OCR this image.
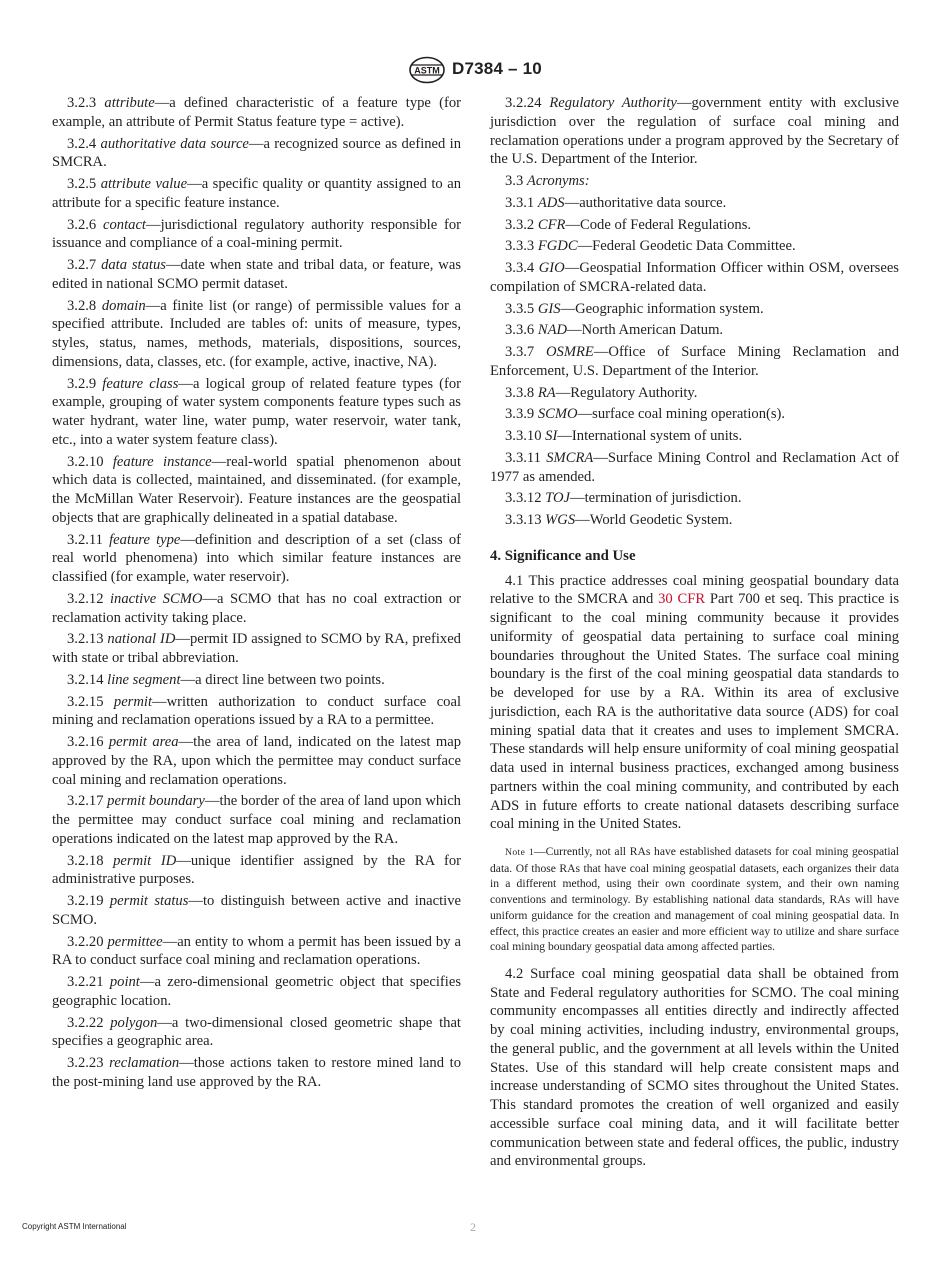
ASTM D7384 – 10

3.2.3 attribute—a defined characteristic of a feature type (for example, an attribute of Permit Status feature type = active).

3.2.4 authoritative data source—a recognized source as defined in SMCRA.

3.2.5 attribute value—a specific quality or quantity assigned to an attribute for a specific feature instance.

3.2.6 contact—jurisdictional regulatory authority responsible for issuance and compliance of a coal-mining permit.

3.2.7 data status—date when state and tribal data, or feature, was edited in national SCMO permit dataset.

3.2.8 domain—a finite list (or range) of permissible values for a specified attribute. Included are tables of: units of measure, types, styles, status, names, methods, materials, dispositions, sources, dimensions, data, classes, etc. (for example, active, inactive, NA).

3.2.9 feature class—a logical group of related feature types (for example, grouping of water system components feature types such as water hydrant, water line, water pump, water reservoir, water tank, etc., into a water system feature class).

3.2.10 feature instance—real-world spatial phenomenon about which data is collected, maintained, and disseminated. (for example, the McMillan Water Reservoir). Feature instances are the geospatial objects that are graphically delineated in a spatial database.

3.2.11 feature type—definition and description of a set (class of real world phenomena) into which similar feature instances are classified (for example, water reservoir).

3.2.12 inactive SCMO—a SCMO that has no coal extraction or reclamation activity taking place.

3.2.13 national ID—permit ID assigned to SCMO by RA, prefixed with state or tribal abbreviation.

3.2.14 line segment—a direct line between two points.

3.2.15 permit—written authorization to conduct surface coal mining and reclamation operations issued by a RA to a permittee.

3.2.16 permit area—the area of land, indicated on the latest map approved by the RA, upon which the permittee may conduct surface coal mining and reclamation operations.

3.2.17 permit boundary—the border of the area of land upon which the permittee may conduct surface coal mining and reclamation operations indicated on the latest map approved by the RA.

3.2.18 permit ID—unique identifier assigned by the RA for administrative purposes.

3.2.19 permit status—to distinguish between active and inactive SCMO.

3.2.20 permittee—an entity to whom a permit has been issued by a RA to conduct surface coal mining and reclamation operations.

3.2.21 point—a zero-dimensional geometric object that specifies geographic location.

3.2.22 polygon—a two-dimensional closed geometric shape that specifies a geographic area.

3.2.23 reclamation—those actions taken to restore mined land to the post-mining land use approved by the RA.

3.2.24 Regulatory Authority—government entity with exclusive jurisdiction over the regulation of surface coal mining and reclamation operations under a program approved by the Secretary of the U.S. Department of the Interior.

3.3 Acronyms:

3.3.1 ADS—authoritative data source.

3.3.2 CFR—Code of Federal Regulations.

3.3.3 FGDC—Federal Geodetic Data Committee.

3.3.4 GIO—Geospatial Information Officer within OSM, oversees compilation of SMCRA-related data.

3.3.5 GIS—Geographic information system.

3.3.6 NAD—North American Datum.

3.3.7 OSMRE—Office of Surface Mining Reclamation and Enforcement, U.S. Department of the Interior.

3.3.8 RA—Regulatory Authority.

3.3.9 SCMO—surface coal mining operation(s).

3.3.10 SI—International system of units.

3.3.11 SMCRA—Surface Mining Control and Reclamation Act of 1977 as amended.

3.3.12 TOJ—termination of jurisdiction.

3.3.13 WGS—World Geodetic System.

4. Significance and Use

4.1 This practice addresses coal mining geospatial boundary data relative to the SMCRA and 30 CFR Part 700 et seq. This practice is significant to the coal mining community because it provides uniformity of geospatial data pertaining to surface coal mining boundaries throughout the United States. The surface coal mining boundary is the first of the coal mining geospatial data standards to be developed for use by a RA. Within its area of exclusive jurisdiction, each RA is the authoritative data source (ADS) for coal mining spatial data that it creates and uses to implement SMCRA. These standards will help ensure uniformity of coal mining geospatial data used in internal business practices, exchanged among business partners within the coal mining community, and contributed by each ADS in future efforts to create national datasets describing surface coal mining in the United States.

Note 1—Currently, not all RAs have established datasets for coal mining geospatial data. Of those RAs that have coal mining geospatial datasets, each organizes their data in a different method, using their own coordinate system, and their own naming conventions and terminology. By establishing national data standards, RAs will have uniform guidance for the creation and management of coal mining geospatial data. In effect, this practice creates an easier and more efficient way to utilize and share surface coal mining boundary geospatial data among affected parties.

4.2 Surface coal mining geospatial data shall be obtained from State and Federal regulatory authorities for SCMO. The coal mining community encompasses all entities directly and indirectly affected by coal mining activities, including industry, environmental groups, the general public, and the government at all levels within the United States. Use of this standard will help create consistent maps and increase understanding of SCMO sites throughout the United States. This standard promotes the creation of well organized and easily accessible surface coal mining data, and it will facilitate better communication between state and federal offices, the public, industry and environmental groups.

Copyright ASTM International	2
